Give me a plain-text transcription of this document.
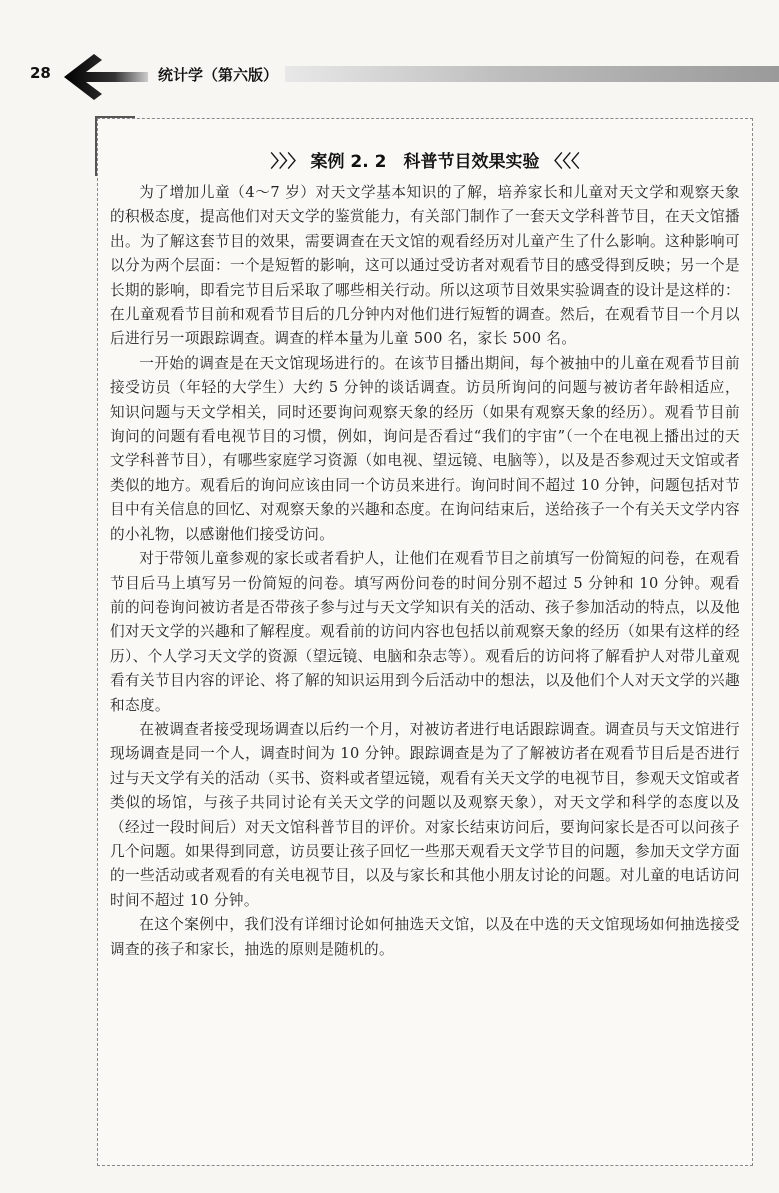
28	统计学（第六版）
〉〉〉 案例 2. 2　科普节目效果实验 〈〈〈

为了增加儿童（4～7 岁）对天文学基本知识的了解，培养家长和儿童对天文学和观察天象的积极态度，提高他们对天文学的鉴赏能力，有关部门制作了一套天文学科普节目，在天文馆播出。为了解这套节目的效果，需要调查在天文馆的观看经历对儿童产生了什么影响。这种影响可以分为两个层面：一个是短暂的影响，这可以通过受访者对观看节目的感受得到反映；另一个是长期的影响，即看完节目后采取了哪些相关行动。所以这项节目效果实验调查的设计是这样的：在儿童观看节目前和观看节目后的几分钟内对他们进行短暂的调查。然后，在观看节目一个月以后进行另一项跟踪调查。调查的样本量为儿童 500 名，家长 500 名。

一开始的调查是在天文馆现场进行的。在该节目播出期间，每个被抽中的儿童在观看节目前接受访员（年轻的大学生）大约 5 分钟的谈话调查。访员所询问的问题与被访者年龄相适应，知识问题与天文学相关，同时还要询问观察天象的经历（如果有观察天象的经历）。观看节目前询问的问题有看电视节目的习惯，例如，询问是否看过“我们的宇宙”（一个在电视上播出过的天文学科普节目），有哪些家庭学习资源（如电视、望远镜、电脑等），以及是否参观过天文馆或者类似的地方。观看后的询问应该由同一个访员来进行。询问时间不超过 10 分钟，问题包括对节目中有关信息的回忆、对观察天象的兴趣和态度。在询问结束后，送给孩子一个有关天文学内容的小礼物，以感谢他们接受访问。

对于带领儿童参观的家长或者看护人，让他们在观看节目之前填写一份简短的问卷，在观看节目后马上填写另一份简短的问卷。填写两份问卷的时间分别不超过 5 分钟和 10 分钟。观看前的问卷询问被访者是否带孩子参与过与天文学知识有关的活动、孩子参加活动的特点，以及他们对天文学的兴趣和了解程度。观看前的访问内容也包括以前观察天象的经历（如果有这样的经历）、个人学习天文学的资源（望远镜、电脑和杂志等）。观看后的访问将了解看护人对带儿童观看有关节目内容的评论、将了解的知识运用到今后活动中的想法，以及他们个人对天文学的兴趣和态度。

在被调查者接受现场调查以后约一个月，对被访者进行电话跟踪调查。调查员与天文馆进行现场调查是同一个人，调查时间为 10 分钟。跟踪调查是为了了解被访者在观看节目后是否进行过与天文学有关的活动（买书、资料或者望远镜，观看有关天文学的电视节目，参观天文馆或者类似的场馆，与孩子共同讨论有关天文学的问题以及观察天象），对天文学和科学的态度以及（经过一段时间后）对天文馆科普节目的评价。对家长结束访问后，要询问家长是否可以问孩子几个问题。如果得到同意，访员要让孩子回忆一些那天观看天文学节目的问题，参加天文学方面的一些活动或者观看的有关电视节目，以及与家长和其他小朋友讨论的问题。对儿童的电话访问时间不超过 10 分钟。

在这个案例中，我们没有详细讨论如何抽选天文馆，以及在中选的天文馆现场如何抽选接受调查的孩子和家长，抽选的原则是随机的。
